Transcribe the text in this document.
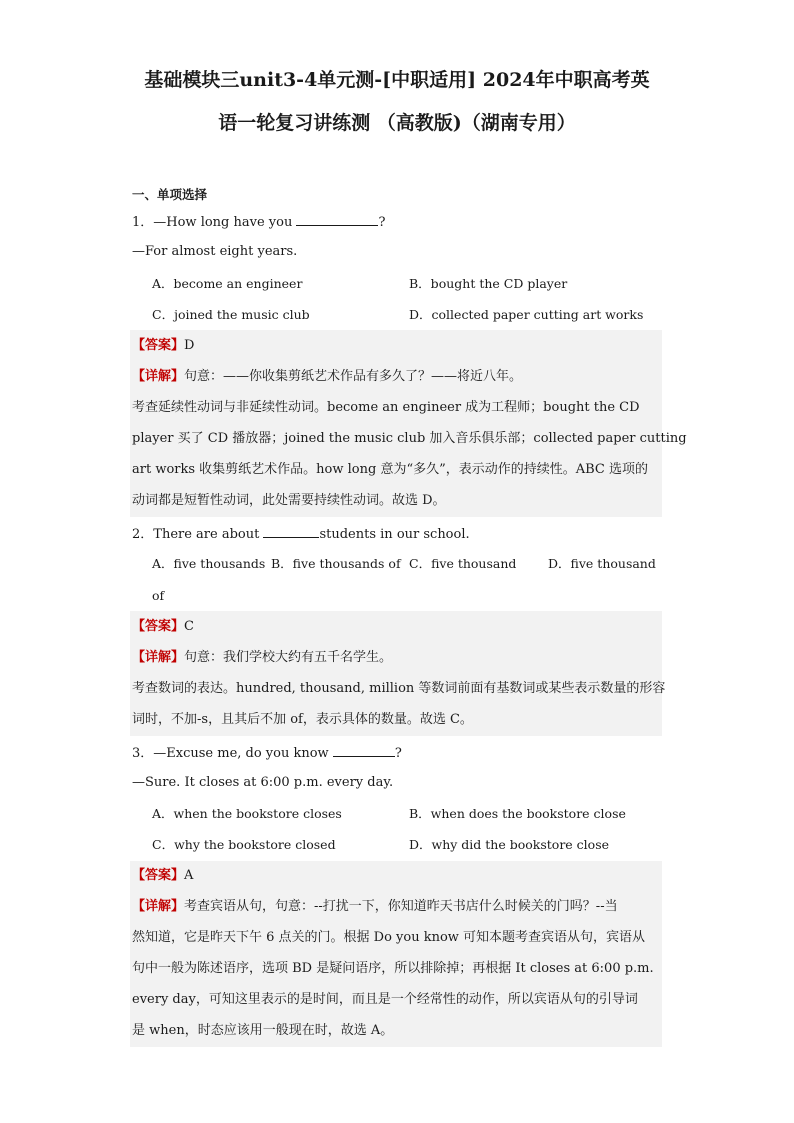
基础模块三unit3-4单元测-[中职适用] 2024年中职高考英
语一轮复习讲练测 （高教版)（湖南专用）
一、单项选择
1．—How long have you	?
—For almost eight years.
A．become an engineer	B．bought the CD player
C．joined the music club	D．collected paper cutting art works
【答案】D
【详解】句意：——你收集剪纸艺术作品有多久了？——将近八年。
考查延续性动词与非延续性动词。become an engineer 成为工程师；bought the CD
player 买了 CD 播放器；joined the music club 加入音乐俱乐部；collected paper cutting
art works 收集剪纸艺术作品。how long 意为“多久”，表示动作的持续性。ABC 选项的
动词都是短暂性动词，此处需要持续性动词。故选 D。
2．There are about	students in our school.
A．five thousands B．five thousands of C．five thousand	D．five thousand
of
【答案】C
【详解】句意：我们学校大约有五千名学生。
考查数词的表达。hundred, thousand, million 等数词前面有基数词或某些表示数量的形容
词时，不加-s，且其后不加 of，表示具体的数量。故选 C。
3．—Excuse me, do you know	?
—Sure. It closes at 6:00 p.m. every day.
A．when the bookstore closes	B．when does the bookstore close
C．why the bookstore closed	D．why did the bookstore close
【答案】A
【详解】考查宾语从句，句意：--打扰一下，你知道昨天书店什么时候关的门吗？--当
然知道，它是昨天下午 6 点关的门。根据 Do you know 可知本题考查宾语从句，宾语从
句中一般为陈述语序，选项 BD 是疑问语序，所以排除掉；再根据 It closes at 6:00 p.m.
every day，可知这里表示的是时间，而且是一个经常性的动作，所以宾语从句的引导词
是 when，时态应该用一般现在时，故选 A。
